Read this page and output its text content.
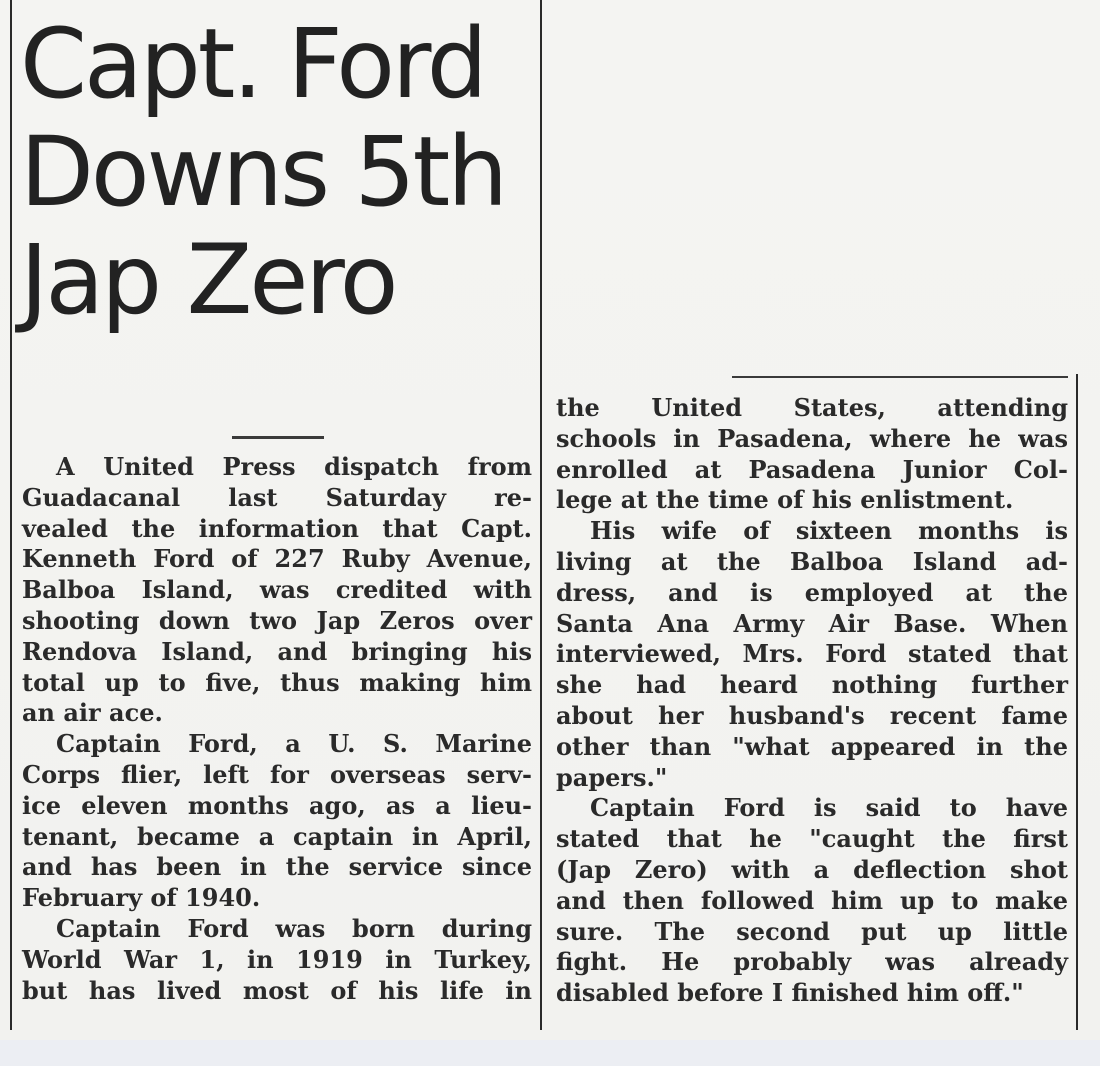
Capt. Ford
Downs 5th
Jap Zero
A United Press dispatch from
Guadacanal last Saturday re-
vealed the information that Capt.
Kenneth Ford of 227 Ruby Avenue,
Balboa Island, was credited with
shooting down two Jap Zeros over
Rendova Island, and bringing his
total up to five, thus making him
an air ace.
Captain Ford, a U. S. Marine
Corps flier, left for overseas serv-
ice eleven months ago, as a lieu-
tenant, became a captain in April,
and has been in the service since
February of 1940.
Captain Ford was born during
World War 1, in 1919 in Turkey,
but has lived most of his life in
the United States, attending
schools in Pasadena, where he was
enrolled at Pasadena Junior Col-
lege at the time of his enlistment.
His wife of sixteen months is
living at the Balboa Island ad-
dress, and is employed at the
Santa Ana Army Air Base. When
interviewed, Mrs. Ford stated that
she had heard nothing further
about her husband's recent fame
other than "what appeared in the
papers."
Captain Ford is said to have
stated that he "caught the first
(Jap Zero) with a deflection shot
and then followed him up to make
sure. The second put up little
fight. He probably was already
disabled before I finished him off."
